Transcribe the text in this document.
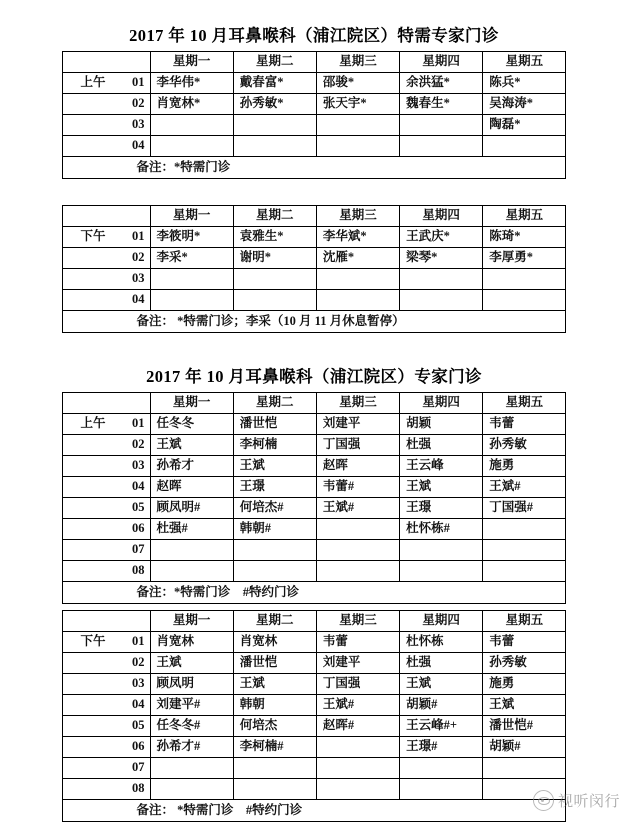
2017 年 10 月耳鼻喉科（浦江院区）特需专家门诊
	星期一	星期二	星期三	星期四	星期五

上午 01	李华伟*	戴春富*	邵骏*	余洪猛*	陈兵*

02	肖宽林*	孙秀敏*	张天宇*	魏春生*	吴海涛*

03					陶磊*

04					

备注：*特需门诊					
	星期一	星期二	星期三	星期四	星期五

下午 01	李筱明*	袁雅生*	李华斌*	王武庆*	陈琦*

02	李采*	谢明*	沈雁*	梁琴*	李厚勇*

03					

04					

备注： *特需门诊；李采（10 月 11 月休息暂停）					
2017 年 10 月耳鼻喉科（浦江院区）专家门诊
	星期一	星期二	星期三	星期四	星期五

上午 01	任冬冬	潘世恺	刘建平	胡颖	韦蕾

02	王斌	李柯楠	丁国强	杜强	孙秀敏

03	孙希才	王斌	赵晖	王云峰	施勇

04	赵晖	王璟	韦蕾#	王斌	王斌#

05	顾凤明#	何培杰#	王斌#	王璟	丁国强#

06	杜强#	韩朝#		杜怀栋#	

07					

08					

备注：*特需门诊　#特约门诊					
	星期一	星期二	星期三	星期四	星期五

下午 01	肖宽林	肖宽林	韦蕾	杜怀栋	韦蕾

02	王斌	潘世恺	刘建平	杜强	孙秀敏

03	顾凤明	王斌	丁国强	王斌	施勇

04	刘建平#	韩朝	王斌#	胡颖#	王斌

05	任冬冬#	何培杰	赵晖#	王云峰#+	潘世恺#

06	孙希才#	李柯楠#		王璟#	胡颖#

07					

08					

备注： *特需门诊　#特约门诊						视听闵行
